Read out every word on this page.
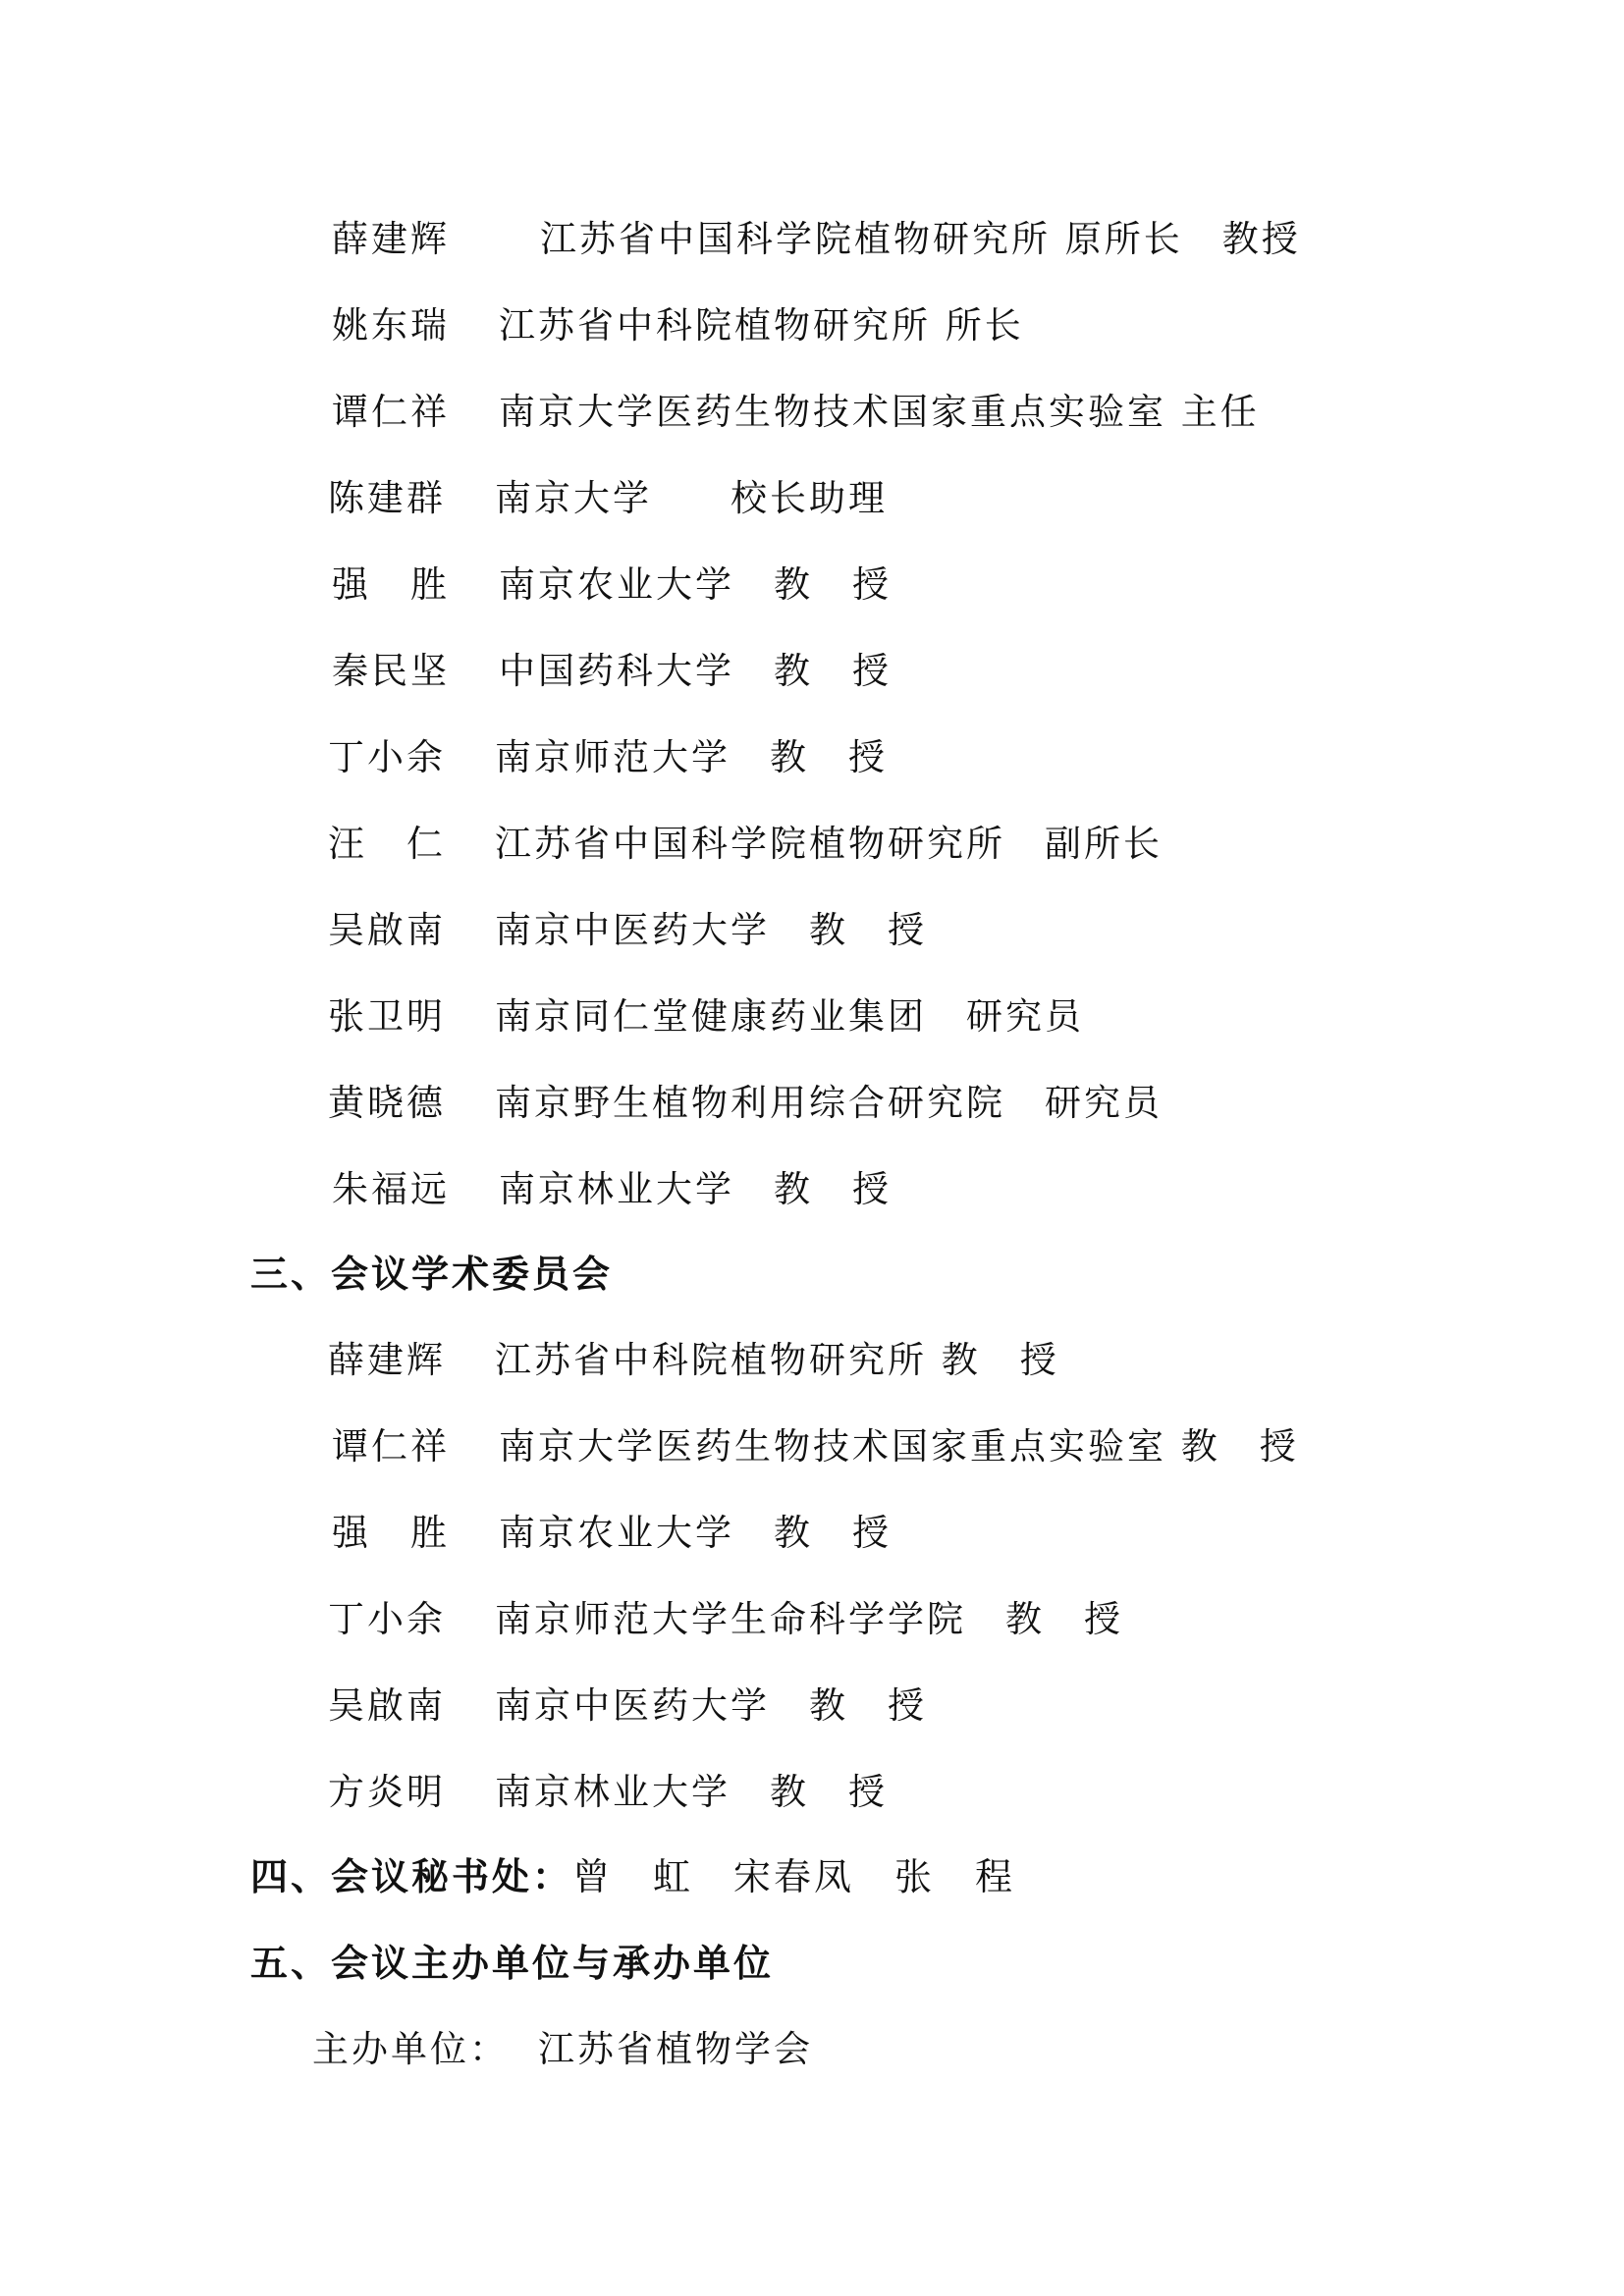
薛建辉

江苏省中国科学院植物研究所 原所长　教授

姚东瑞

江苏省中科院植物研究所 所长

谭仁祥

南京大学医药生物技术国家重点实验室 主任

陈建群

南京大学　　校长助理

强　胜

南京农业大学　教　授

秦民坚

中国药科大学　教　授

丁小余

南京师范大学　教　授

汪　仁

江苏省中国科学院植物研究所　副所长

吴啟南

南京中医药大学　教　授

张卫明

南京同仁堂健康药业集团　研究员

黄晓德

南京野生植物利用综合研究院　研究员

朱福远

南京林业大学　教　授

三、会议学术委员会

薛建辉

江苏省中科院植物研究所 教　授

谭仁祥

南京大学医药生物技术国家重点实验室 教　授

强　胜

南京农业大学　教　授

丁小余

南京师范大学生命科学学院　教　授

吴啟南

南京中医药大学　教　授

方炎明

南京林业大学　教　授

四、会议秘书处：曾　虹　宋春凤　张　程
五、会议主办单位与承办单位

主办单位：

江苏省植物学会
